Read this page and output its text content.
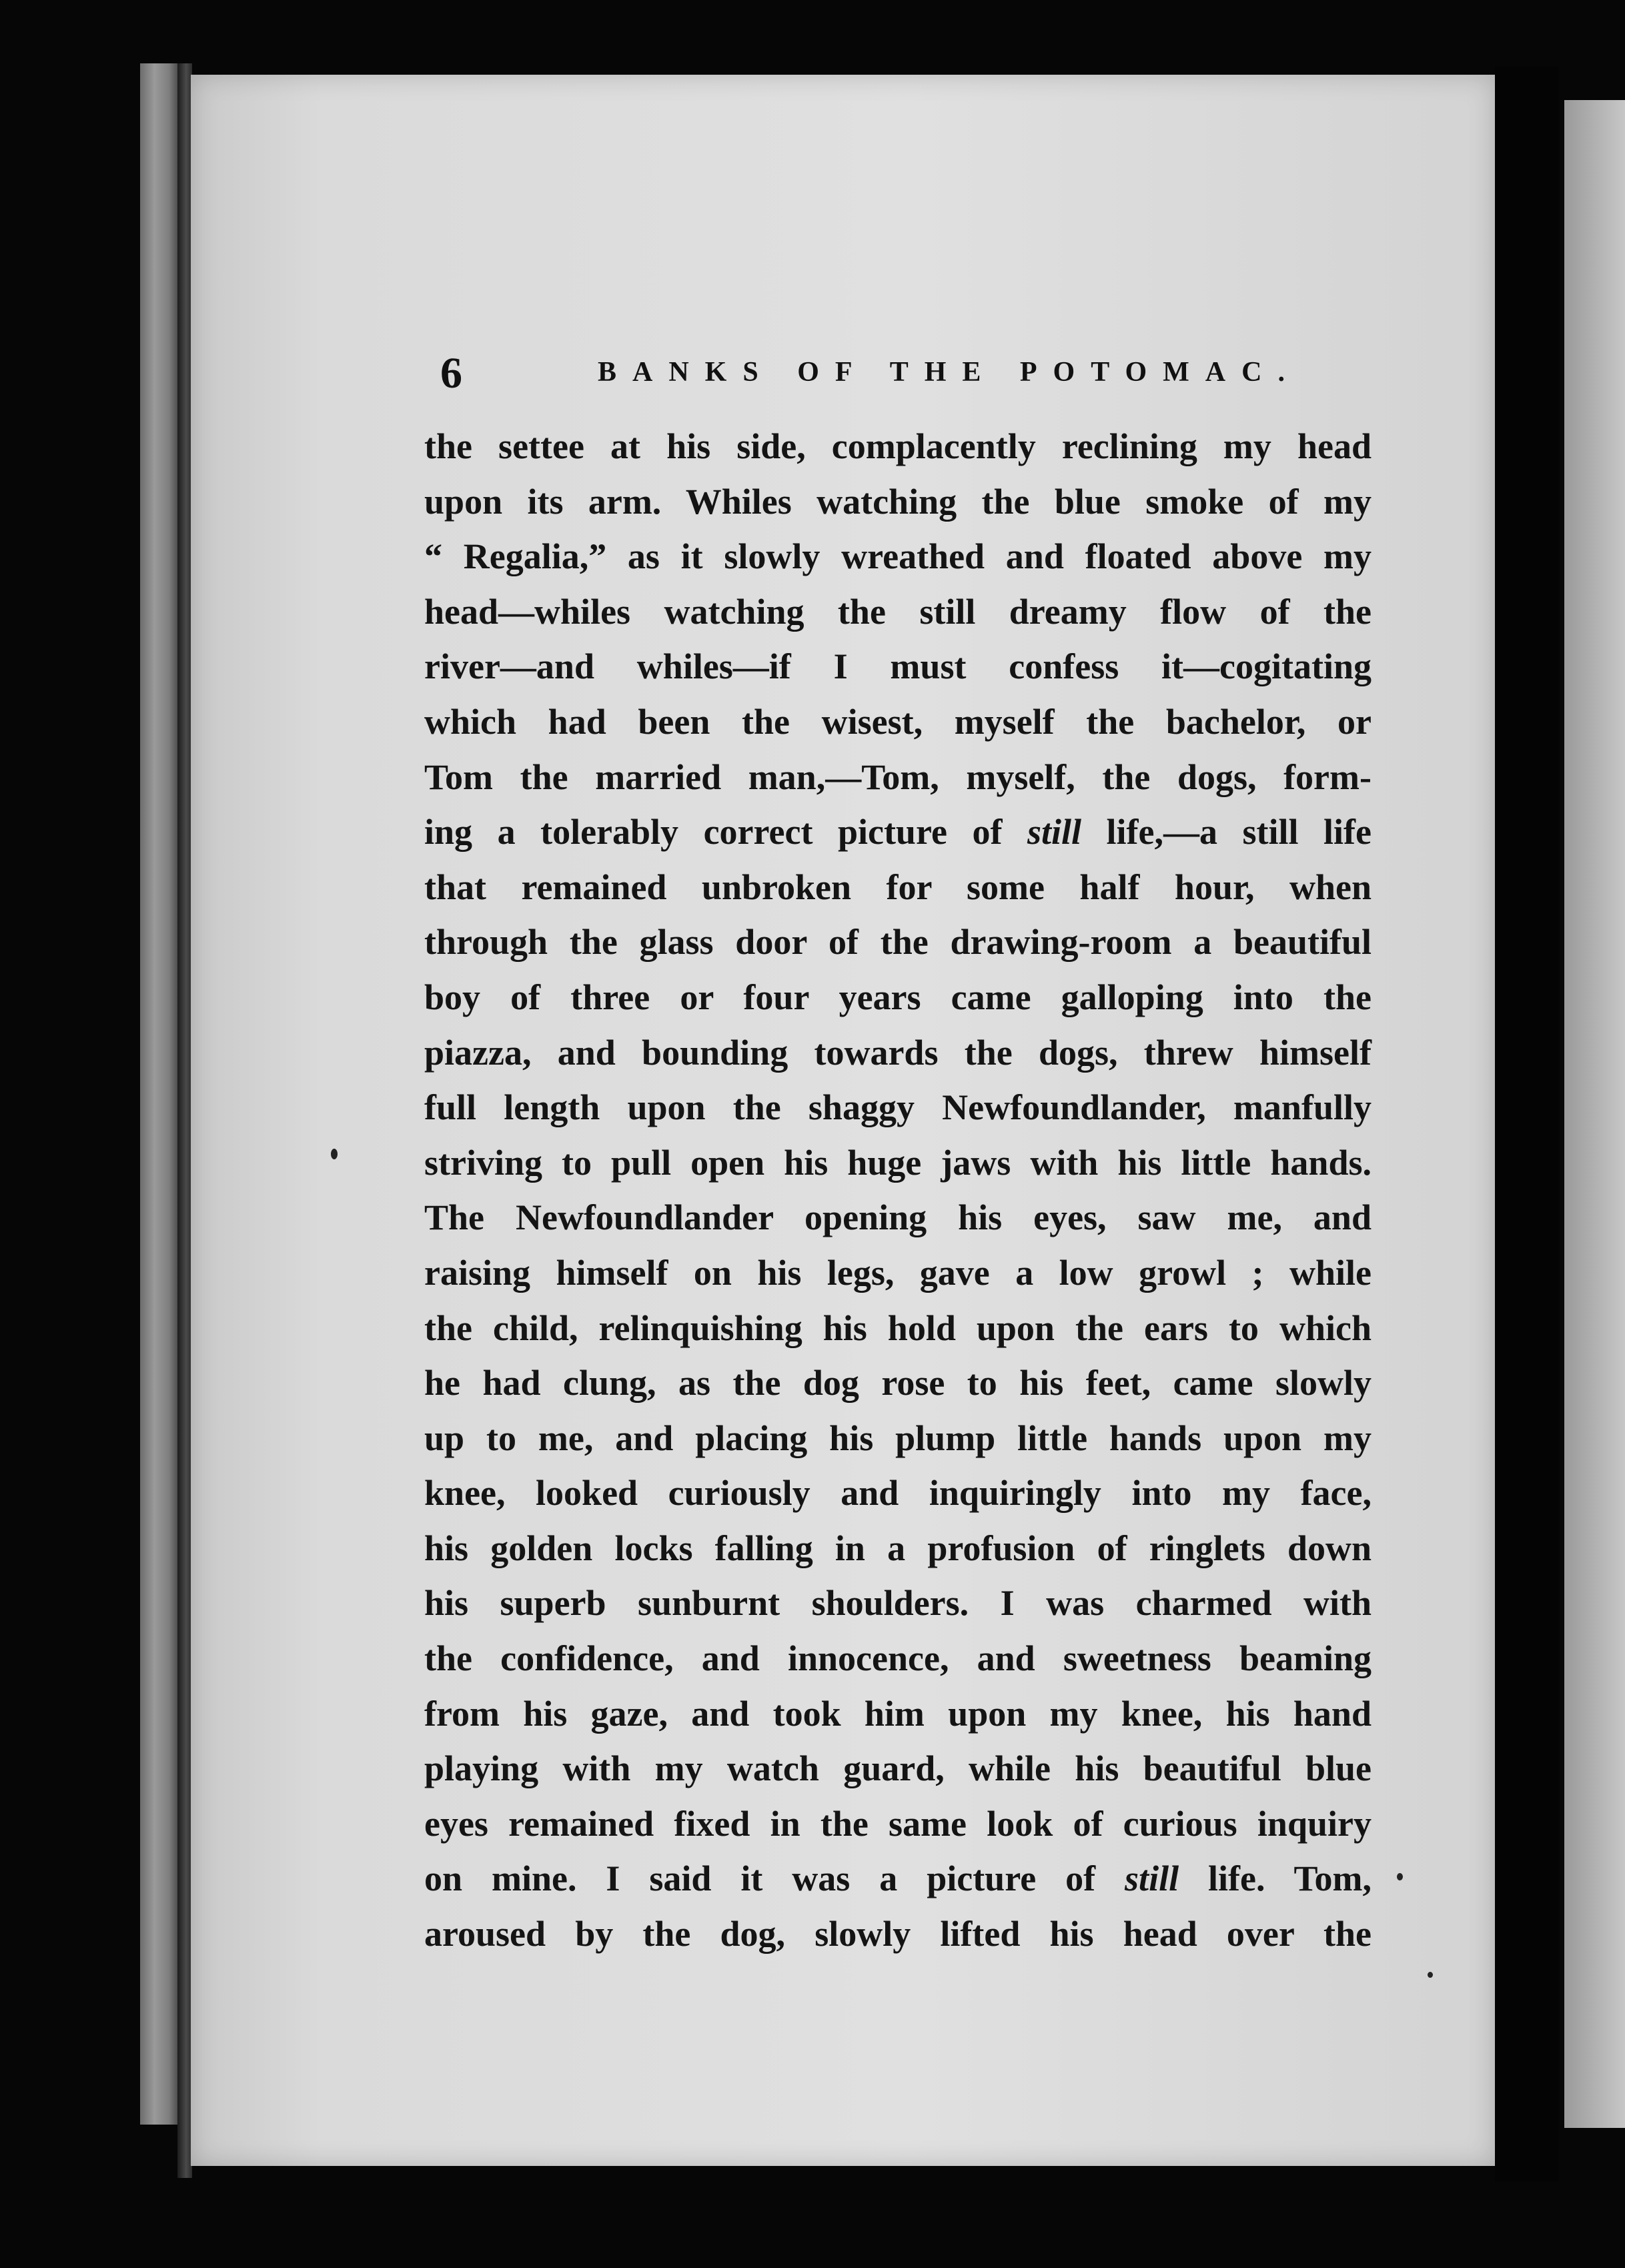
6	BANKS OF THE POTOMAC.
the settee at his side, complacently reclining my head
upon its arm. Whiles watching the blue smoke of my
“ Regalia,” as it slowly wreathed and floated above my
head—whiles watching the still dreamy flow of the
river—and whiles—if I must confess it—cogitating
which had been the wisest, myself the bachelor, or
Tom the married man,—Tom, myself, the dogs, form-
ing a tolerably correct picture of still life,—a still life
that remained unbroken for some half hour, when
through the glass door of the drawing-room a beautiful
boy of three or four years came galloping into the
piazza, and bounding towards the dogs, threw himself
full length upon the shaggy Newfoundlander, manfully
striving to pull open his huge jaws with his little hands.
The Newfoundlander opening his eyes, saw me, and
raising himself on his legs, gave a low growl ; while
the child, relinquishing his hold upon the ears to which
he had clung, as the dog rose to his feet, came slowly
up to me, and placing his plump little hands upon my
knee, looked curiously and inquiringly into my face,
his golden locks falling in a profusion of ringlets down
his superb sunburnt shoulders. I was charmed with
the confidence, and innocence, and sweetness beaming
from his gaze, and took him upon my knee, his hand
playing with my watch guard, while his beautiful blue
eyes remained fixed in the same look of curious inquiry
on mine. I said it was a picture of still life. Tom,
aroused by the dog, slowly lifted his head over the
